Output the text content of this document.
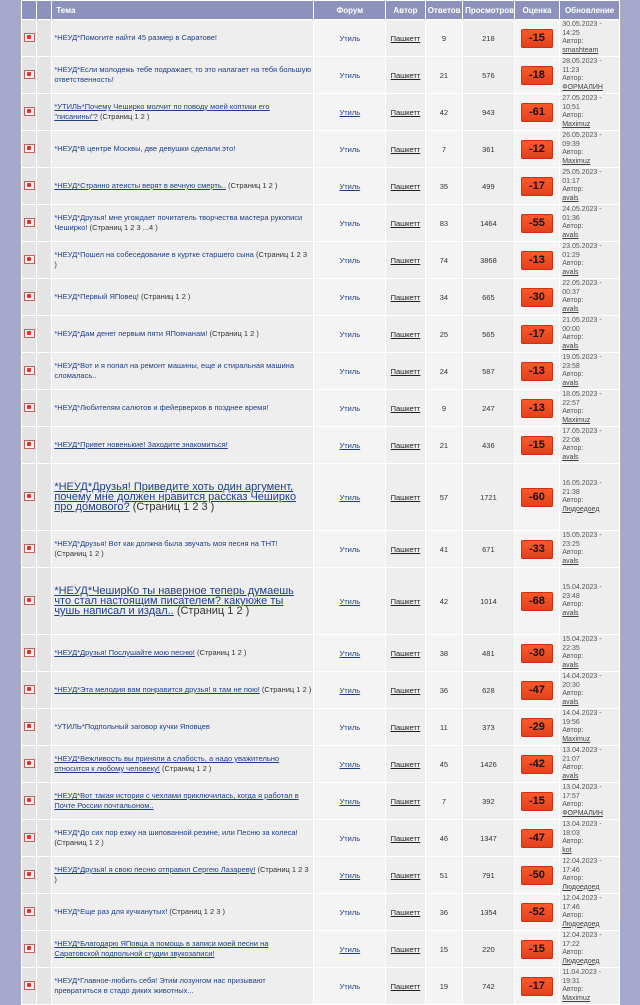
		Тема	Форум	Автор	Ответов	Просмотров	Оценка	Обновление
		*НЕУД*Помогите найти 45 размер в Саратове!	Утиль	Пашкетт	9	218	-15	30.05.2023 -
14:25
Автор:
smashteam
		*НЕУД*Если молодежь тебе подражает, то это налагает на тебя большую ответственность!	Утиль	Пашкетт	21	576	-18	28.05.2023 -
11:23
Автор:
ФОРМАЛИН
		*УТИЛЬ*Почему Чеширко молчит по поводу моей коптики его "писанины"? (Страниц 1 2 )	Утиль	Пашкетт	42	943	-61	27.05.2023 -
10:51
Автор:
Maximuz
		*НЕУД*В центре Москвы, две девушки сделали это!	Утиль	Пашкетт	7	361	-12	26.05.2023 -
09:39
Автор:
Maximuz
		*НЕУД*Странно атеисты верят в вечную смерть.. (Страниц 1 2 )	Утиль	Пашкетт	35	499	-17	25.05.2023 -
01:17
Автор:
avals
		*НЕУД*Друзья! мне угождает почитатель творчества мастера рукописи Чеширко! (Страниц 1 2 3 ...4 )	Утиль	Пашкетт	83	1464	-55	24.05.2023 -
01:36
Автор:
avals
		*НЕУД*Пошел на собеседование в куртке старшего сына (Страниц 1 2 3 )	Утиль	Пашкетт	74	3868	-13	23.05.2023 -
01:29
Автор:
avals
		*НЕУД*Первый ЯПовец! (Страниц 1 2 )	Утиль	Пашкетт	34	665	-30	22.05.2023 -
00:37
Автор:
avals
		*НЕУД*Дам денег первым пяти ЯПовчанам! (Страниц 1 2 )	Утиль	Пашкетт	25	565	-17	21.05.2023 -
00:00
Автор:
avals
		*НЕУД*Вот и я попал на ремонт машины, еще и стиральная машина сломалась..	Утиль	Пашкетт	24	587	-13	19.05.2023 -
23:58
Автор:
avals
		*НЕУД*Любителям салютов и фейерверков в позднее время!	Утиль	Пашкетт	9	247	-13	18.05.2023 -
22:57
Автор:
Maximuz
		*НЕУД*Привет новенькие! Заходите знакомиться!	Утиль	Пашкетт	21	436	-15	17.05.2023 -
22:08
Автор:
avals
		*НЕУД*Друзья! Приведите хоть один аргумент, почему мне должен нравится рассказ Чеширко про домового? (Страниц 1 2 3 )	Утиль	Пашкетт	57	1721	-60	16.05.2023 -
21:38
Автор:
Людоедоед
		*НЕУД*Друзья! Вот как должна была звучать моя песня на ТНТ! (Страниц 1 2 )	Утиль	Пашкетт	41	671	-33	15.05.2023 -
23:25
Автор:
avals
		*НЕУД*ЧеширКо ты наверное теперь думаешь что стал настоящим писателем? какуюже ты чушь написал и издал.. (Страниц 1 2 )	Утиль	Пашкетт	42	1014	-68	15.04.2023 -
23:48
Автор:
avals
		*НЕУД*Друзья! Послушайте мою песню! (Страниц 1 2 )	Утиль	Пашкетт	38	481	-30	15.04.2023 -
22:35
Автор:
avals
		*НЕУД*Эта мелодия вам понравится друзья! я там не пою! (Страниц 1 2 )	Утиль	Пашкетт	36	628	-47	14.04.2023 -
20:30
Автор:
avals
		*УТИЛЬ*Подпольный заговор кучки Яповцев	Утиль	Пашкетт	11	373	-29	14.04.2023 -
19:56
Автор:
Maximuz
		*НЕУД*Вежливость вы приняли а слабость, а надо уважительно относится к любому человеку! (Страниц 1 2 )	Утиль	Пашкетт	45	1426	-42	13.04.2023 -
21:07
Автор:
avals
		*НЕУД*Вот такая история с чехлами приключилась, когда я работал в Почте России почтальоном..	Утиль	Пашкетт	7	392	-15	13.04.2023 -
17:57
Автор:
ФОРМАЛИН
		*НЕУД*До сих пор езжу на шипованной резине, или Песню за колеса! (Страниц 1 2 )	Утиль	Пашкетт	46	1347	-47	13.04.2023 -
18:03
Автор:
kot
		*НЕУД*Друзья! я свою песню отправил Сергею Лазареву! (Страниц 1 2 3 )	Утиль	Пашкетт	51	791	-50	12.04.2023 -
17:46
Автор:
Людоедоед
		*НЕУД*Еще раз для кучканутых! (Страниц 1 2 3 )	Утиль	Пашкетт	36	1354	-52	12.04.2023 -
17:46
Автор:
Людоедоед
		*НЕУД*Благодарю ЯПовца а помощь в записи моей песни на Саратовской подпольной студии звукозаписи!	Утиль	Пашкетт	15	220	-15	12.04.2023 -
17:22
Автор:
Людоедоед
		*НЕУД*Главное-любить себя! Этим лозунгом нас призывают превратиться в стадо диких животных...	Утиль	Пашкетт	19	742	-17	11.04.2023 -
19:31
Автор:
Maximuz
